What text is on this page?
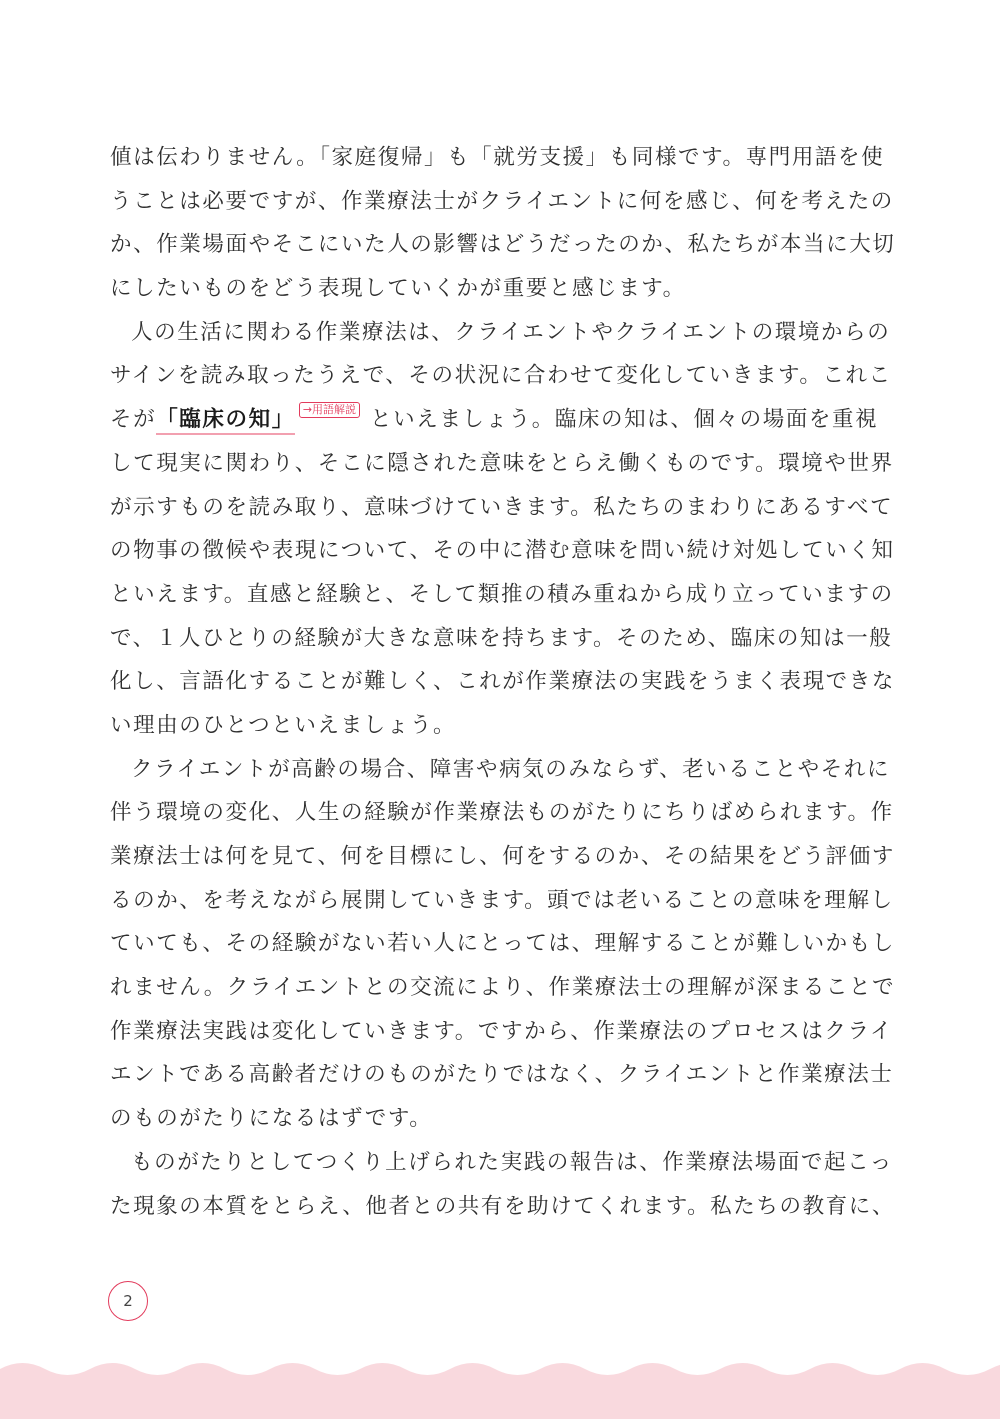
値は伝わりません。「家庭復帰」も「就労支援」も同様です。専門用語を使
うことは必要ですが、作業療法士がクライエントに何を感じ、何を考えたの
か、作業場面やそこにいた人の影響はどうだったのか、私たちが本当に大切
にしたいものをどう表現していくかが重要と感じます。
人の生活に関わる作業療法は、クライエントやクライエントの環境からの
サインを読み取ったうえで、その状況に合わせて変化していきます。これこ
そが「臨床の知」 →用語解説 といえましょう。臨床の知は、個々の場面を重視
して現実に関わり、そこに隠された意味をとらえ働くものです。環境や世界
が示すものを読み取り、意味づけていきます。私たちのまわりにあるすべて
の物事の徴候や表現について、その中に潜む意味を問い続け対処していく知
といえます。直感と経験と、そして類推の積み重ねから成り立っていますの
で、１人ひとりの経験が大きな意味を持ちます。そのため、臨床の知は一般
化し、言語化することが難しく、これが作業療法の実践をうまく表現できな
い理由のひとつといえましょう。
クライエントが高齢の場合、障害や病気のみならず、老いることやそれに
伴う環境の変化、人生の経験が作業療法ものがたりにちりばめられます。作
業療法士は何を見て、何を目標にし、何をするのか、その結果をどう評価す
るのか、を考えながら展開していきます。頭では老いることの意味を理解し
ていても、その経験がない若い人にとっては、理解することが難しいかもし
れません。クライエントとの交流により、作業療法士の理解が深まることで
作業療法実践は変化していきます。ですから、作業療法のプロセスはクライ
エントである高齢者だけのものがたりではなく、クライエントと作業療法士
のものがたりになるはずです。
ものがたりとしてつくり上げられた実践の報告は、作業療法場面で起こっ
た現象の本質をとらえ、他者との共有を助けてくれます。私たちの教育に、
2
